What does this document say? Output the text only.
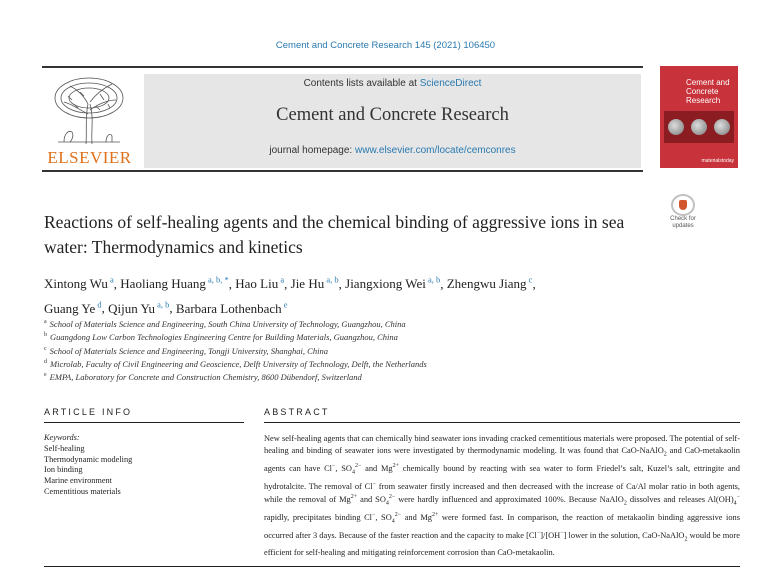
Cement and Concrete Research 145 (2021) 106450
ELSEVIER
Contents lists available at ScienceDirect
Cement and Concrete Research
journal homepage: www.elsevier.com/locate/cemconres
Cement and Concrete Research
materialstoday
Check for updates
Reactions of self-healing agents and the chemical binding of aggressive ions in sea water: Thermodynamics and kinetics
Xintong Wu $^a$, Haoliang Huang $^{a, b, *}$, Hao Liu $^a$, Jie Hu $^{a, b}$, Jiangxiong Wei $^{a, b}$, Zhengwu Jiang $^c$,
Guang Ye $^d$, Qijun Yu $^{a, b}$, Barbara Lothenbach $^e$
$^a$ School of Materials Science and Engineering, South China University of Technology, Guangzhou, China
$^b$ Guangdong Low Carbon Technologies Engineering Centre for Building Materials, Guangzhou, China
$^c$ School of Materials Science and Engineering, Tongji University, Shanghai, China
$^d$ Microlab, Faculty of Civil Engineering and Geoscience, Delft University of Technology, Delft, the Netherlands
$^e$ EMPA, Laboratory for Concrete and Construction Chemistry, 8600 Dübendorf, Switzerland
ARTICLE INFO
Keywords:
Self-healing
Thermodynamic modeling
Ion binding
Marine environment
Cementitious materials
ABSTRACT
New self-healing agents that can chemically bind seawater ions invading cracked cementitious materials were proposed. The potential of self-healing and binding of seawater ions were investigated by thermodynamic modeling. It was found that CaO-NaAlO$_2$ and CaO-metakaolin agents can have Cl−, $SO_4^{2-}$ and $Mg^{2+}$ chemically bound by reacting with sea water to form Friedel’s salt, Kuzel’s salt, ettringite and hydrotalcite. The removal of Cl− from seawater firstly increased and then decreased with the increase of Ca/Al molar ratio in both agents, while the removal of $Mg^{2+}$ and $SO_4^{2-}$ were hardly influenced and approximated 100%. Because NaAlO$_2$ dissolves and releases $Al(OH)_4^-$ rapidly, precipitates binding Cl−, $SO_4^{2-}$ and $Mg^{2+}$ were formed fast. In comparison, the reaction of metakaolin binding aggressive ions occurred after 3 days. Because of the faster reaction and the capacity to make [Cl−]/[OH−] lower in the solution, CaO-NaAlO$_2$ would be more efficient for self-healing and mitigating reinforcement corrosion than CaO-metakaolin.
